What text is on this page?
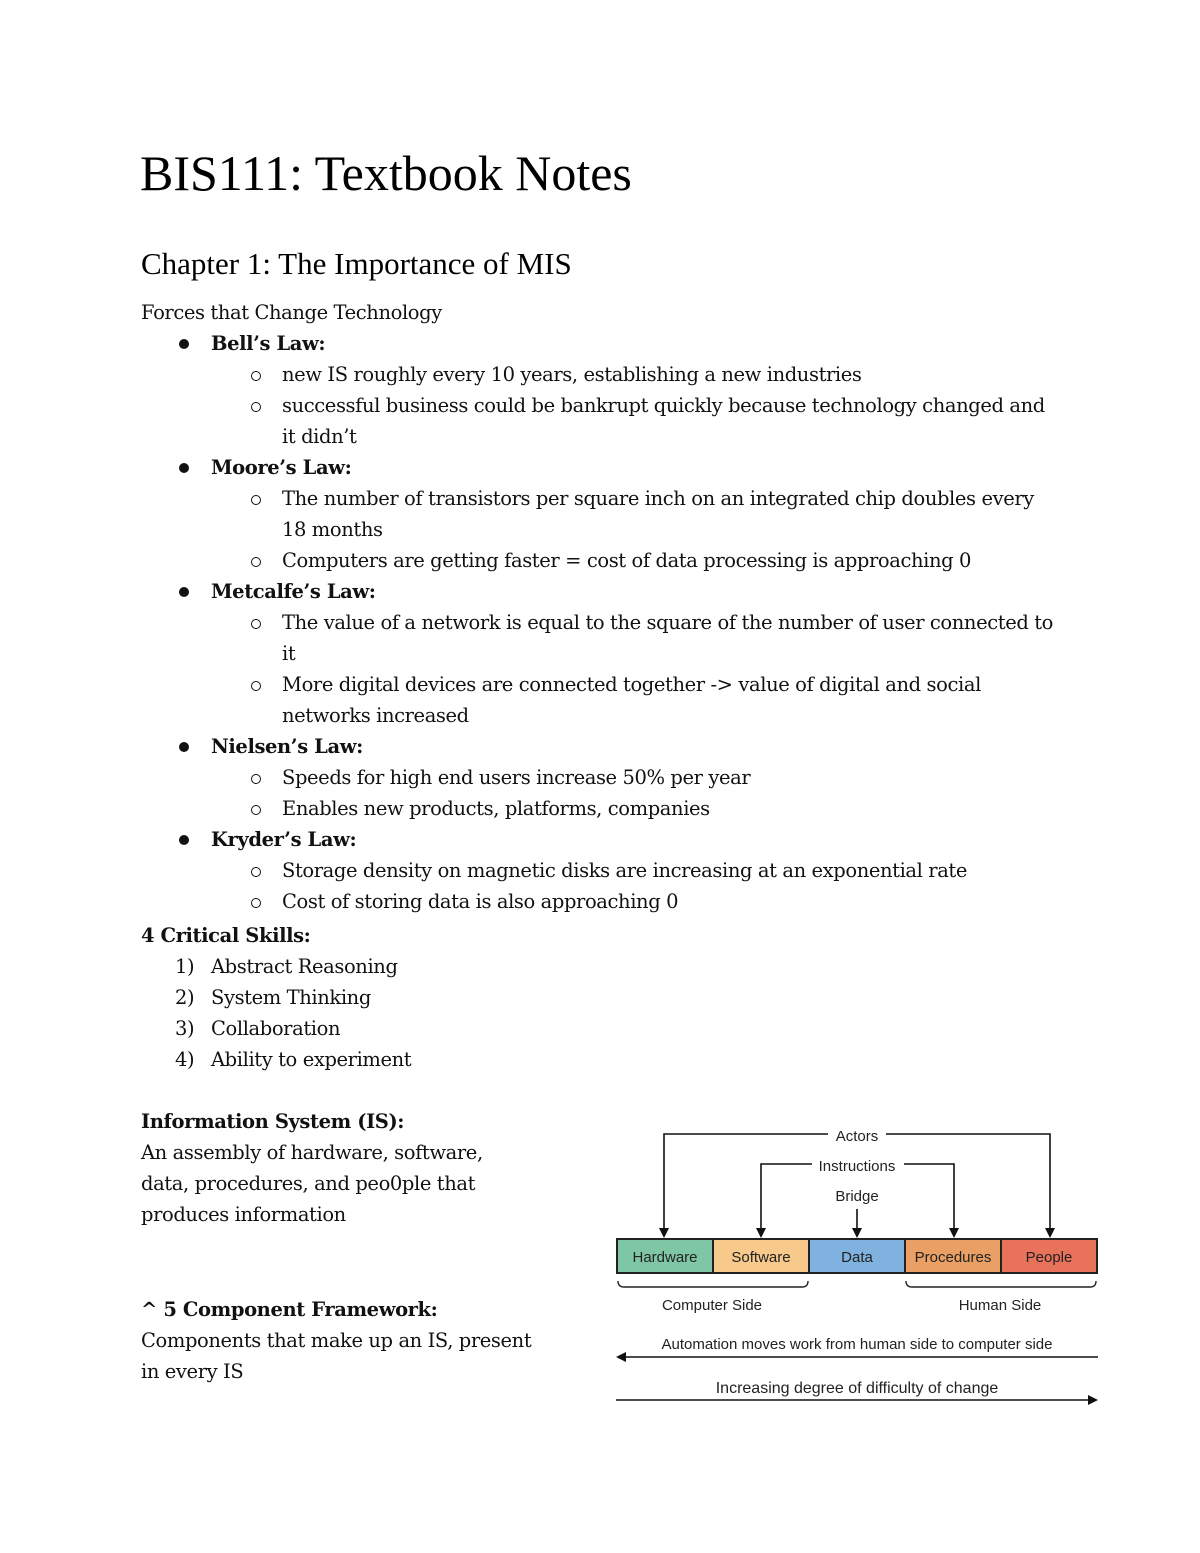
BIS111: Textbook Notes
Chapter 1: The Importance of MIS
Forces that Change Technology
Bell’s Law:
new IS roughly every 10 years, establishing a new industries
successful business could be bankrupt quickly because technology changed and it didn’t
Moore’s Law:
The number of transistors per square inch on an integrated chip doubles every 18 months
Computers are getting faster = cost of data processing is approaching 0
Metcalfe’s Law:
The value of a network is equal to the square of the number of user connected to it
More digital devices are connected together -> value of digital and social networks increased
Nielsen’s Law:
Speeds for high end users increase 50% per year
Enables new products, platforms, companies
Kryder’s Law:
Storage density on magnetic disks are increasing at an exponential rate
Cost of storing data is also approaching 0
4 Critical Skills:
1) Abstract Reasoning
2) System Thinking
3) Collaboration
4) Ability to experiment
Information System (IS):
An assembly of hardware, software, data, procedures, and peo0ple that produces information
^ 5 Component Framework:
Components that make up an IS, present in every IS
Actors
Instructions
Bridge
Hardware Software	Data	Procedures People
Computer Side	Human Side
Automation moves work from human side to computer side
Increasing degree of difficulty of change
